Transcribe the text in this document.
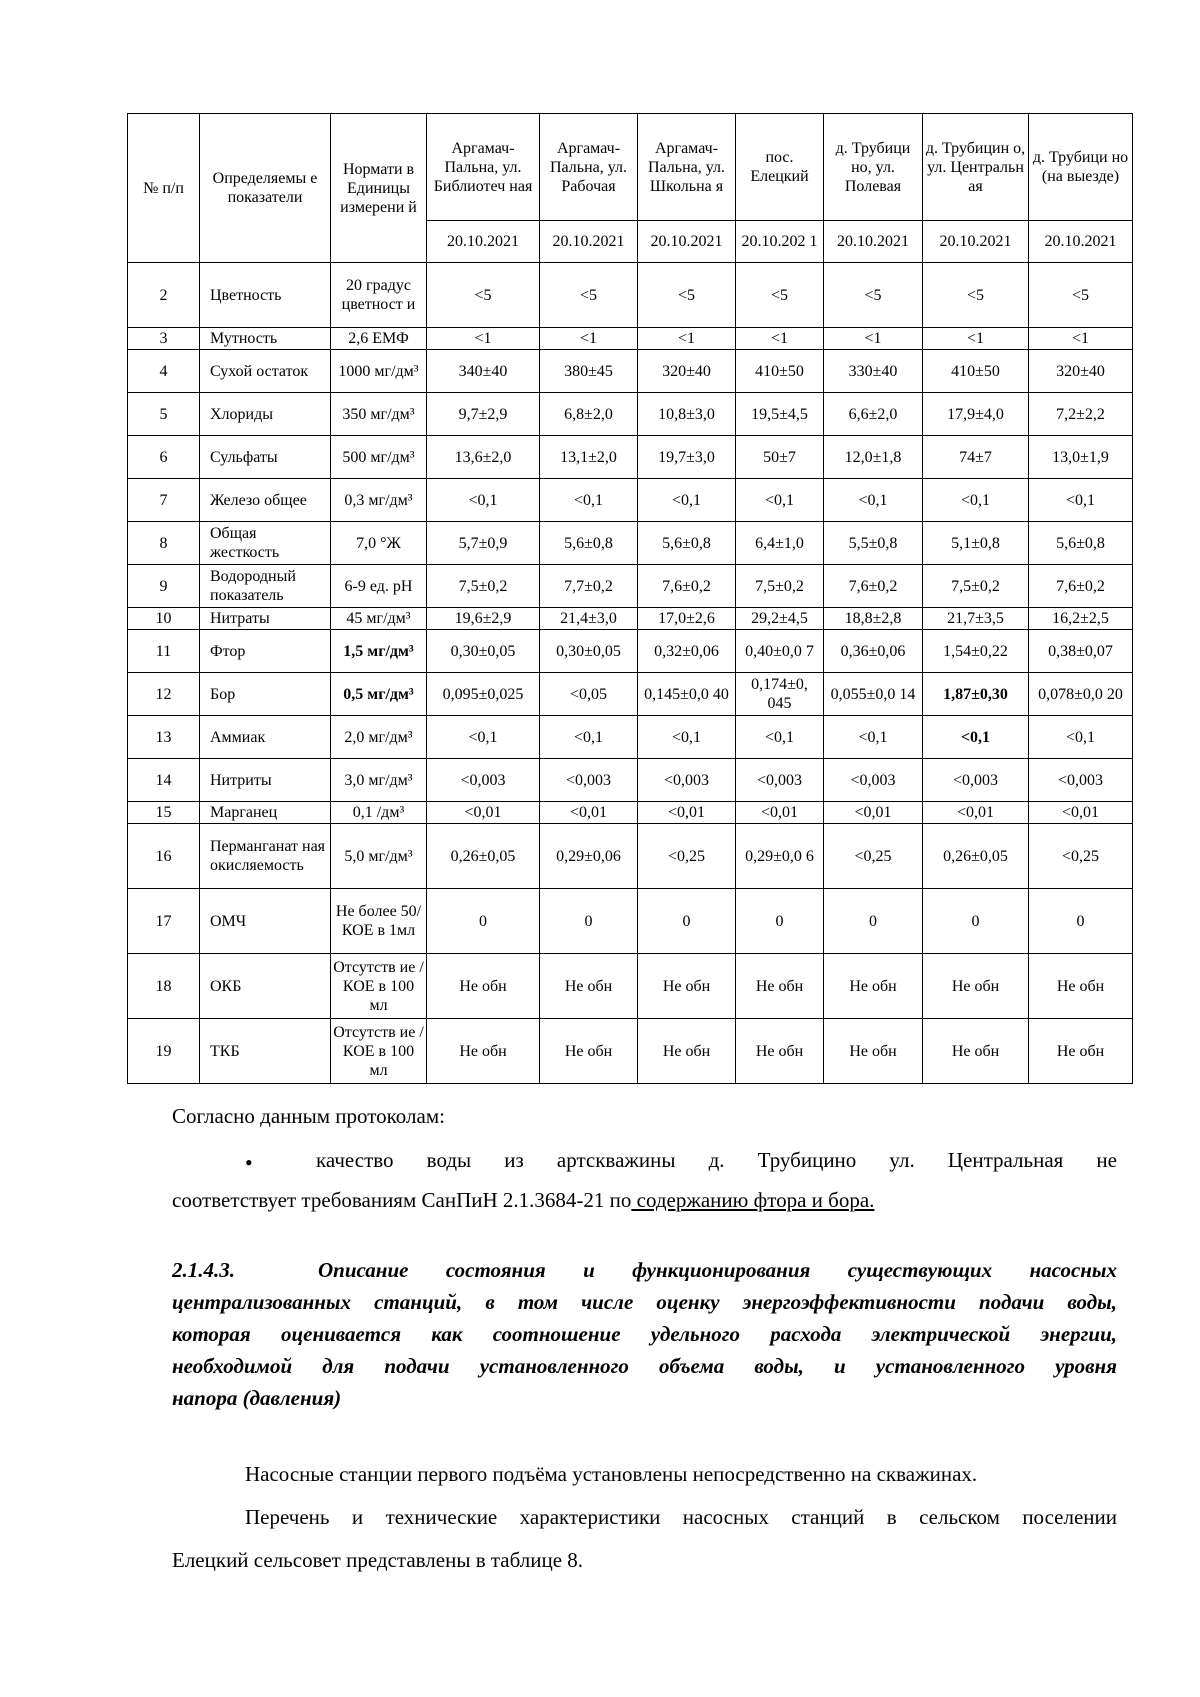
№ п/п	Определяемы е показатели	Нормати в Единицы измерени й	Аргамач- Пальна, ул. Библиотеч ная	Аргамач- Пальна, ул. Рабочая	Аргамач- Пальна, ул. Школьна я	пос. Елецкий	д. Трубици но, ул. Полевая	д. Трубицин о, ул. Центральн ая	д. Трубици но (на выезде)
			20.10.2021	20.10.2021	20.10.2021	20.10.202 1	20.10.2021	20.10.2021	20.10.2021
2	Цветность	20 градус цветност и	<5	<5	<5	<5	<5	<5	<5
3	Мутность	2,6 ЕМФ	<1	<1	<1	<1	<1	<1	<1
4	Сухой остаток	1000 мг/дм³	340±40	380±45	320±40	410±50	330±40	410±50	320±40
5	Хлориды	350 мг/дм³	9,7±2,9	6,8±2,0	10,8±3,0	19,5±4,5	6,6±2,0	17,9±4,0	7,2±2,2
6	Сульфаты	500 мг/дм³	13,6±2,0	13,1±2,0	19,7±3,0	50±7	12,0±1,8	74±7	13,0±1,9
7	Железо общее	0,3 мг/дм³	<0,1	<0,1	<0,1	<0,1	<0,1	<0,1	<0,1
8	Общая жесткость	7,0 °Ж	5,7±0,9	5,6±0,8	5,6±0,8	6,4±1,0	5,5±0,8	5,1±0,8	5,6±0,8
9	Водородный показатель	6-9 ед. pH	7,5±0,2	7,7±0,2	7,6±0,2	7,5±0,2	7,6±0,2	7,5±0,2	7,6±0,2
10	Нитраты	45 мг/дм³	19,6±2,9	21,4±3,0	17,0±2,6	29,2±4,5	18,8±2,8	21,7±3,5	16,2±2,5
11	Фтор	1,5 мг/дм³	0,30±0,05	0,30±0,05	0,32±0,06	0,40±0,0 7	0,36±0,06	1,54±0,22	0,38±0,07
12	Бор	0,5 мг/дм³	0,095±0,025	<0,05	0,145±0,0 40	0,174±0, 045	0,055±0,0 14	1,87±0,30	0,078±0,0 20
13	Аммиак	2,0 мг/дм³	<0,1	<0,1	<0,1	<0,1	<0,1	<0,1	<0,1
14	Нитриты	3,0 мг/дм³	<0,003	<0,003	<0,003	<0,003	<0,003	<0,003	<0,003
15	Марганец	0,1 /дм³	<0,01	<0,01	<0,01	<0,01	<0,01	<0,01	<0,01
16	Перманганат ная окисляемость	5,0 мг/дм³	0,26±0,05	0,29±0,06	<0,25	0,29±0,0 6	<0,25	0,26±0,05	<0,25
17	ОМЧ	Не более 50/ КОЕ в 1мл	0	0	0	0	0	0	0
18	ОКБ	Отсутств ие / КОЕ в 100 мл	Не обн	Не обн	Не обн	Не обн	Не обн	Не обн	Не обн
19	ТКБ	Отсутств ие / КОЕ в 100 мл	Не обн	Не обн	Не обн	Не обн	Не обн	Не обн	Не обн
Согласно данным протоколам:
•	качество воды из артскважины д. Трубицино ул. Центральная не
соответствует требованиям СанПиН 2.1.3684-21 по содержанию фтора и бора.
2.1.4.3.	Описание состояния и функционирования существующих насосных
централизованных станций, в том числе оценку энергоэффективности подачи воды,
которая оценивается как соотношение удельного расхода электрической энергии,
необходимой для подачи установленного объема воды, и установленного уровня
напора (давления)
Насосные станции первого подъёма установлены непосредственно на скважинах.
Перечень и технические характеристики насосных станций в сельском поселении
Елецкий сельсовет представлены в таблице 8.
